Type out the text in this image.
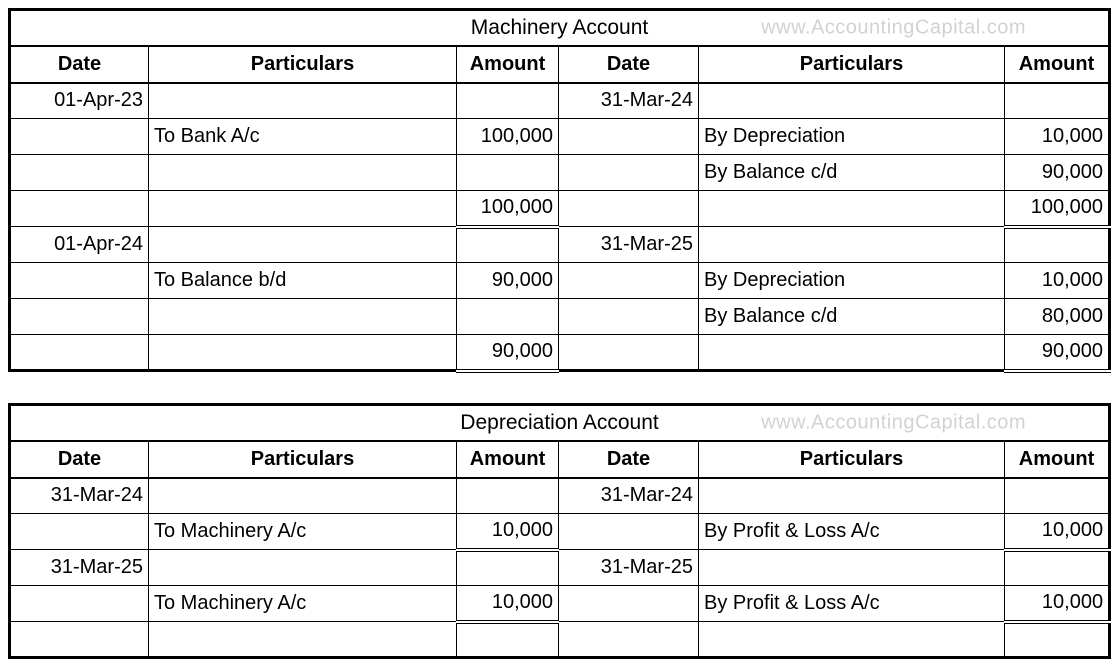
Machinery Account www.AccountingCapital.com					

Date	Particulars	Amount	Date	Particulars	Amount
01-Apr-23			31-Mar-24		
	To Bank A/c	100,000		By Depreciation	10,000
				By Balance c/d	90,000
		100,000			100,000
01-Apr-24			31-Mar-25		
	To Balance b/d	90,000		By Depreciation	10,000
				By Balance c/d	80,000
		90,000			90,000
Depreciation Account www.AccountingCapital.com					

Date	Particulars	Amount	Date	Particulars	Amount
31-Mar-24			31-Mar-24		
	To Machinery A/c	10,000		By Profit & Loss A/c	10,000
31-Mar-25			31-Mar-25		
	To Machinery A/c	10,000		By Profit & Loss A/c	10,000
